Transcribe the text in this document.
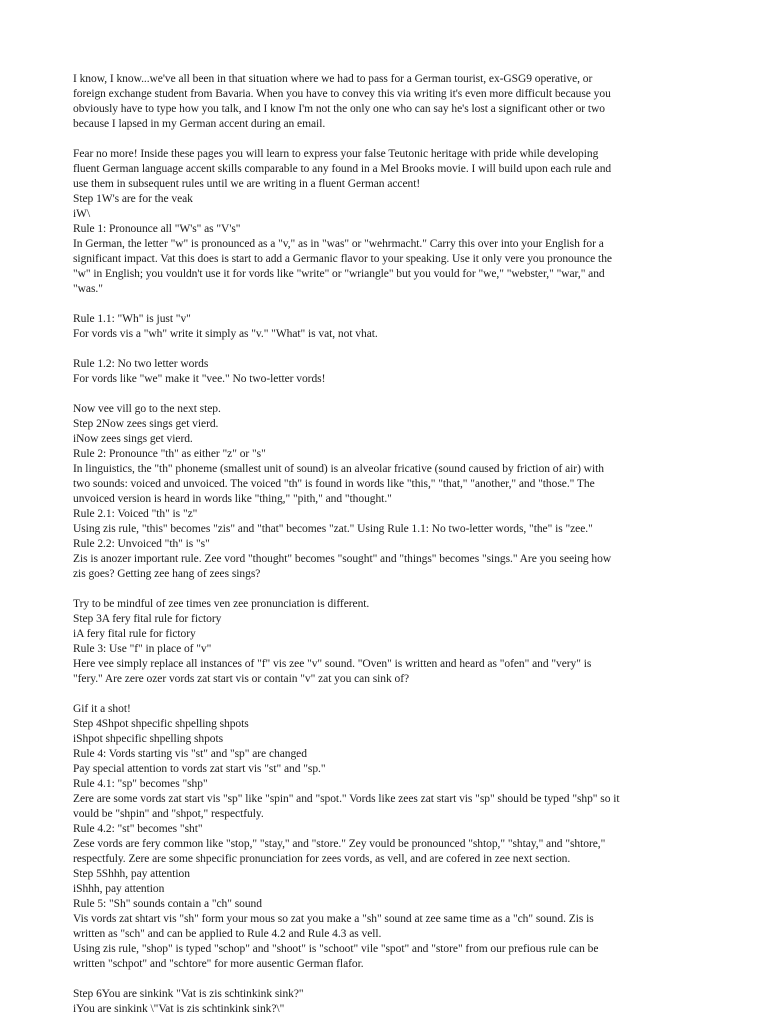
I know, I know...we've all been in that situation where we had to pass for a German tourist, ex-GSG9 operative, or
foreign exchange student from Bavaria. When you have to convey this via writing it's even more difficult because you
obviously have to type how you talk, and I know I'm not the only one who can say he's lost a significant other or two
because I lapsed in my German accent during an email.
Fear no more! Inside these pages you will learn to express your false Teutonic heritage with pride while developing
fluent German language accent skills comparable to any found in a Mel Brooks movie. I will build upon each rule and
use them in subsequent rules until we are writing in a fluent German accent!
Step 1W's are for the veak
iW\
Rule 1: Pronounce all "W's" as "V's"
In German, the letter "w" is pronounced as a "v," as in "was" or "wehrmacht." Carry this over into your English for a
significant impact. Vat this does is start to add a Germanic flavor to your speaking. Use it only vere you pronounce the
"w" in English; you vouldn't use it for vords like "write" or "wriangle" but you vould for "we," "webster," "war," and
"was."
Rule 1.1: "Wh" is just "v"
For vords vis a "wh" write it simply as "v." "What" is vat, not vhat.
Rule 1.2: No two letter words
For vords like "we" make it "vee." No two-letter vords!
Now vee vill go to the next step.
Step 2Now zees sings get vierd.
iNow zees sings get vierd.
Rule 2: Pronounce "th" as either "z" or "s"
In linguistics, the "th" phoneme (smallest unit of sound) is an alveolar fricative (sound caused by friction of air) with
two sounds: voiced and unvoiced. The voiced "th" is found in words like "this," "that," "another," and "those." The
unvoiced version is heard in words like "thing," "pith," and "thought."
Rule 2.1: Voiced "th" is "z"
Using zis rule, "this" becomes "zis" and "that" becomes "zat." Using Rule 1.1: No two-letter words, "the" is "zee."
Rule 2.2: Unvoiced "th" is "s"
Zis is anozer important rule. Zee vord "thought" becomes "sought" and "things" becomes "sings." Are you seeing how
zis goes? Getting zee hang of zees sings?
Try to be mindful of zee times ven zee pronunciation is different.
Step 3A fery fital rule for fictory
iA fery fital rule for fictory
Rule 3: Use "f" in place of "v"
Here vee simply replace all instances of "f" vis zee "v" sound. "Oven" is written and heard as "ofen" and "very" is
"fery." Are zere ozer vords zat start vis or contain "v" zat you can sink of?
Gif it a shot!
Step 4Shpot shpecific shpelling shpots
iShpot shpecific shpelling shpots
Rule 4: Vords starting vis "st" and "sp" are changed
Pay special attention to vords zat start vis "st" and "sp."
Rule 4.1: "sp" becomes "shp"
Zere are some vords zat start vis "sp" like "spin" and "spot." Vords like zees zat start vis "sp" should be typed "shp" so it
vould be "shpin" and "shpot," respectfuly.
Rule 4.2: "st" becomes "sht"
Zese vords are fery common like "stop," "stay," and "store." Zey vould be pronounced "shtop," "shtay," and "shtore,"
respectfuly. Zere are some shpecific pronunciation for zees vords, as vell, and are cofered in zee next section.
Step 5Shhh, pay attention
iShhh, pay attention
Rule 5: "Sh" sounds contain a "ch" sound
Vis vords zat shtart vis "sh" form your mous so zat you make a "sh" sound at zee same time as a "ch" sound. Zis is
written as "sch" and can be applied to Rule 4.2 and Rule 4.3 as vell.
Using zis rule, "shop" is typed "schop" and "shoot" is "schoot" vile "spot" and "store" from our prefious rule can be
written "schpot" and "schtore" for more ausentic German flafor.
Step 6You are sinkink "Vat is zis schtinkink sink?"
iYou are sinkink \"Vat is zis schtinkink sink?\"
